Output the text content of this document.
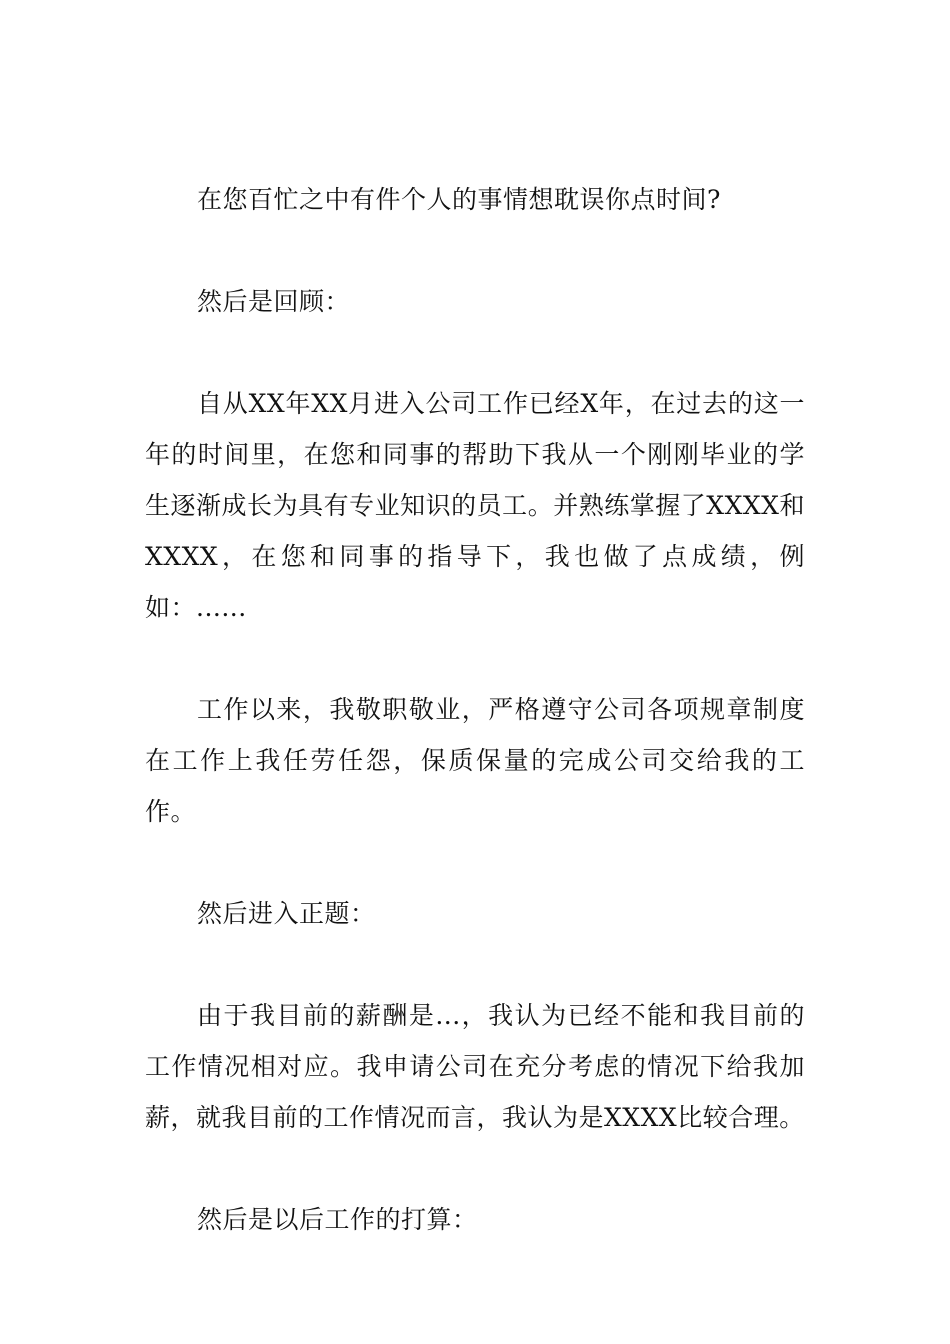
在您百忙之中有件个人的事情想耽误你点时间?

然后是回顾：

自从XX年XX月进入公司工作已经X年，在过去的这一年的时间里，在您和同事的帮助下我从一个刚刚毕业的学生逐渐成长为具有专业知识的员工。并熟练掌握了XXXX和XXXX，在您和同事的指导下，我也做了点成绩，例如：......

工作以来，我敬职敬业，严格遵守公司各项规章制度在工作上我任劳任怨，保质保量的完成公司交给我的工作。

然后进入正题：

由于我目前的薪酬是...，我认为已经不能和我目前的工作情况相对应。我申请公司在充分考虑的情况下给我加薪，就我目前的工作情况而言，我认为是XXXX比较合理。

然后是以后工作的打算：
